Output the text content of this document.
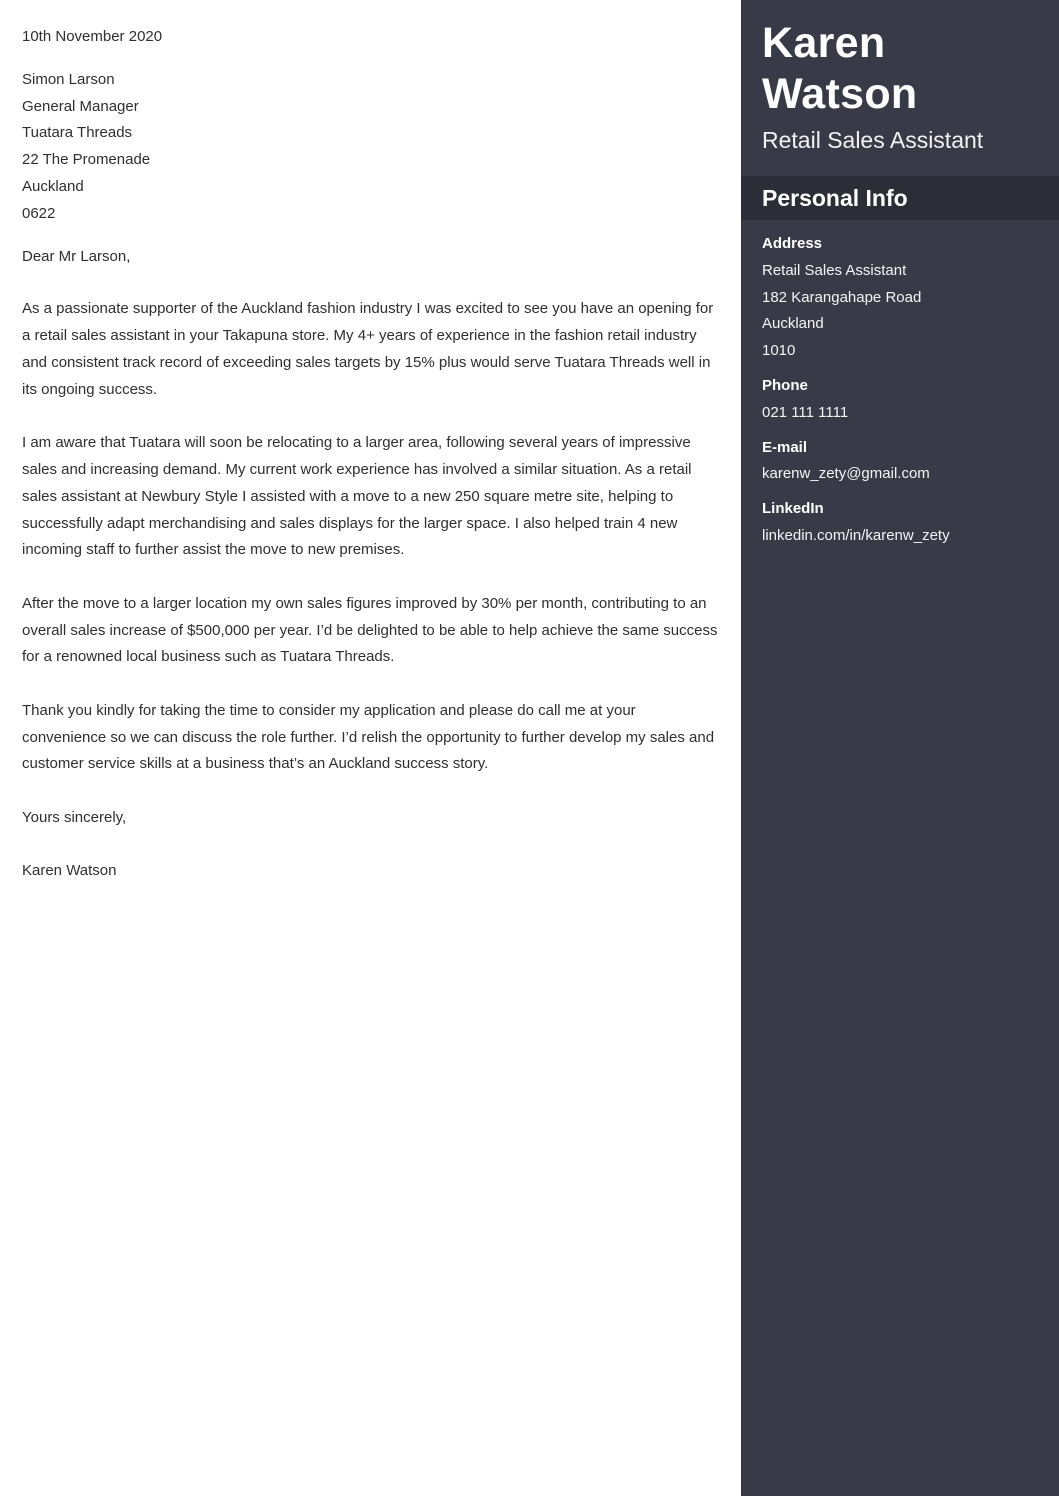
10th November 2020

Simon Larson
General Manager
Tuatara Threads
22 The Promenade
Auckland
0622

Dear Mr Larson,

As a passionate supporter of the Auckland fashion industry I was excited to see you have an opening for a retail sales assistant in your Takapuna store. My 4+ years of experience in the fashion retail industry and consistent track record of exceeding sales targets by 15% plus would serve Tuatara Threads well in its ongoing success.

I am aware that Tuatara will soon be relocating to a larger area, following several years of impressive sales and increasing demand. My current work experience has involved a similar situation. As a retail sales assistant at Newbury Style I assisted with a move to a new 250 square metre site, helping to successfully adapt merchandising and sales displays for the larger space. I also helped train 4 new incoming staff to further assist the move to new premises.

After the move to a larger location my own sales figures improved by 30% per month, contributing to an overall sales increase of $500,000 per year. I’d be delighted to be able to help achieve the same success for a renowned local business such as Tuatara Threads.

Thank you kindly for taking the time to consider my application and please do call me at your convenience so we can discuss the role further. I’d relish the opportunity to further develop my sales and customer service skills at a business that’s an Auckland success story.

Yours sincerely,

Karen Watson

Karen
Watson
Retail Sales Assistant
Personal Info

Address

Retail Sales Assistant

182 Karangahape Road

Auckland

1010

Phone

021 111 1111

E-mail

karenw_zety@gmail.com

LinkedIn

linkedin.com/in/karenw_zety
